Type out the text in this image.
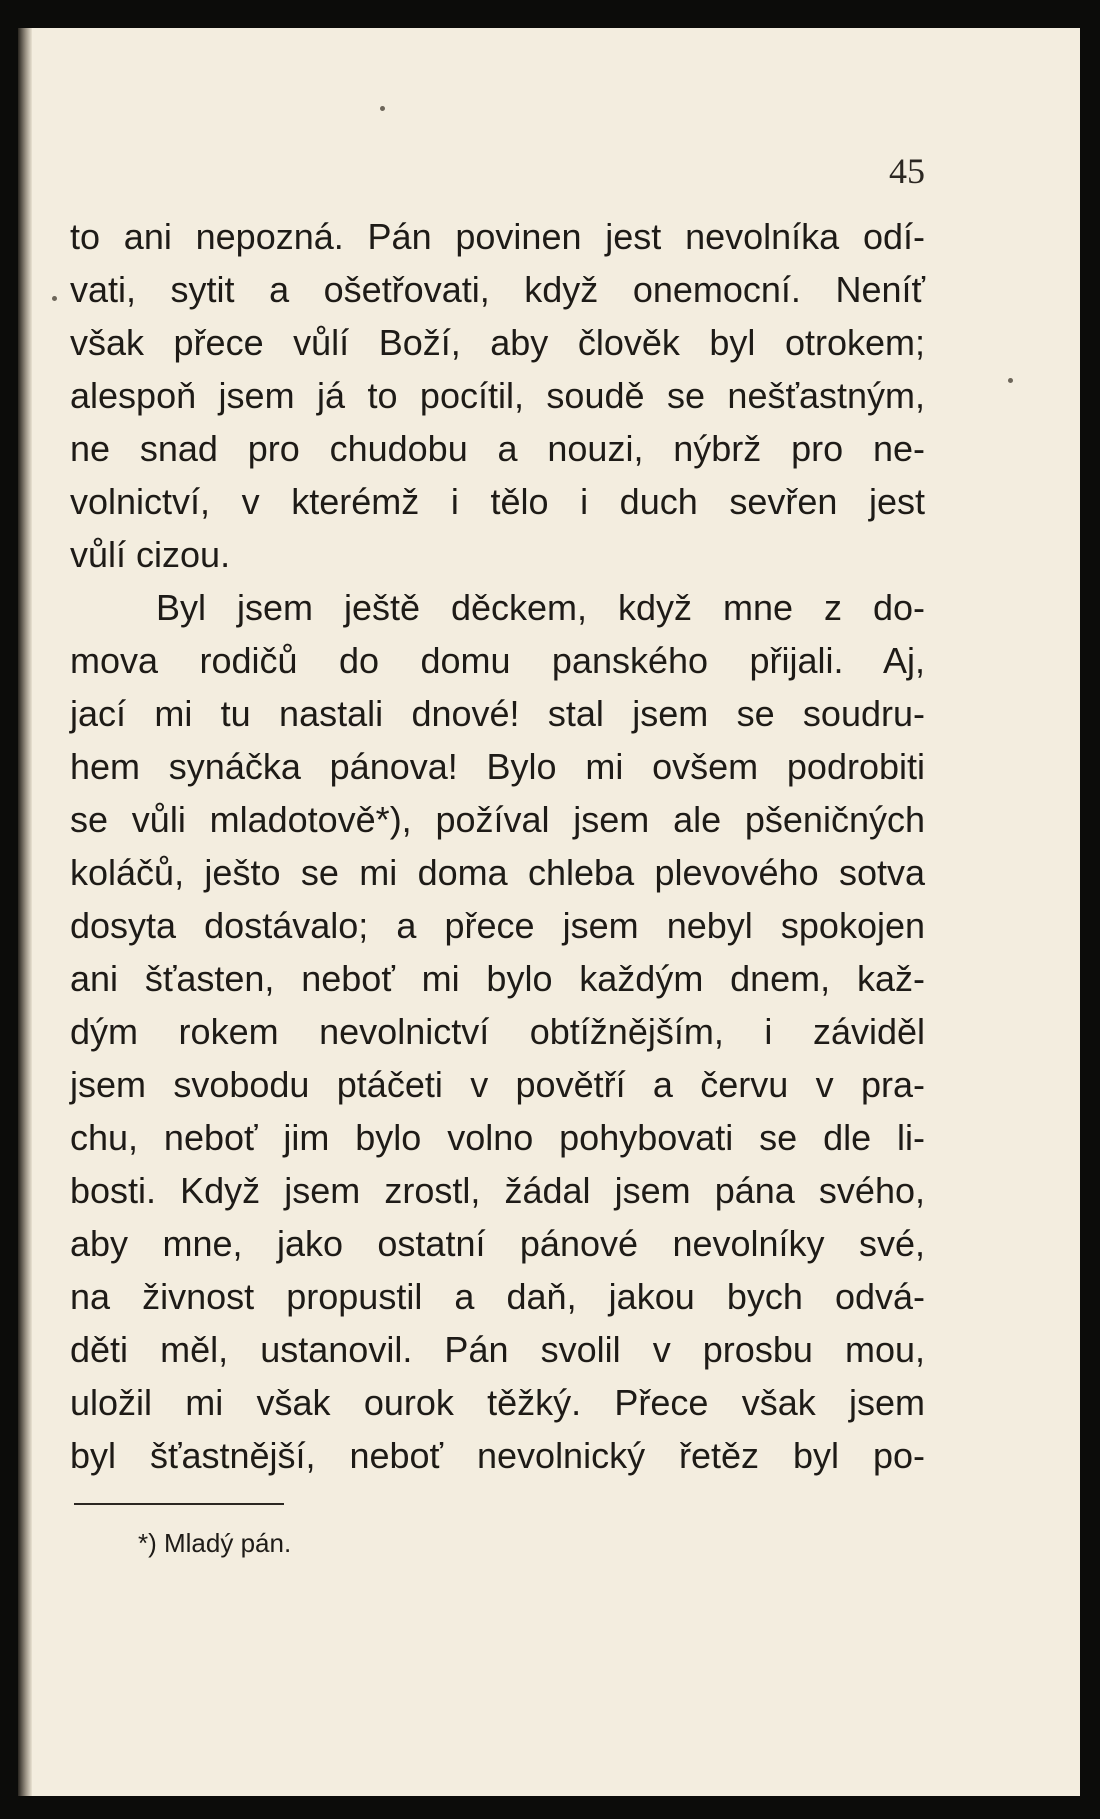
45
to ani nepozná. Pán povinen jest nevolníka odí-
vati, sytit a ošetřovati, když onemocní. Neníť
však přece vůlí Boží, aby člověk byl otrokem;
alespoň jsem já to pocítil, soudě se nešťastným,
ne snad pro chudobu a nouzi, nýbrž pro ne-
volnictví, v kterémž i tělo i duch sevřen jest
vůlí cizou.
Byl jsem ještě děckem, když mne z do-
mova rodičů do domu panského přijali. Aj,
jací mi tu nastali dnové! stal jsem se soudru-
hem synáčka pánova! Bylo mi ovšem podrobiti
se vůli mladotově*), požíval jsem ale pšeničných
koláčů, ješto se mi doma chleba plevového sotva
dosyta dostávalo; a přece jsem nebyl spokojen
ani šťasten, neboť mi bylo každým dnem, kaž-
dým rokem nevolnictví obtížnějším, i záviděl
jsem svobodu ptáčeti v povětří a červu v pra-
chu, neboť jim bylo volno pohybovati se dle li-
bosti. Když jsem zrostl, žádal jsem pána svého,
aby mne, jako ostatní pánové nevolníky své,
na živnost propustil a daň, jakou bych odvá-
děti měl, ustanovil. Pán svolil v prosbu mou,
uložil mi však ourok těžký. Přece však jsem
byl šťastnější, neboť nevolnický řetěz byl po-
*) Mladý pán.
